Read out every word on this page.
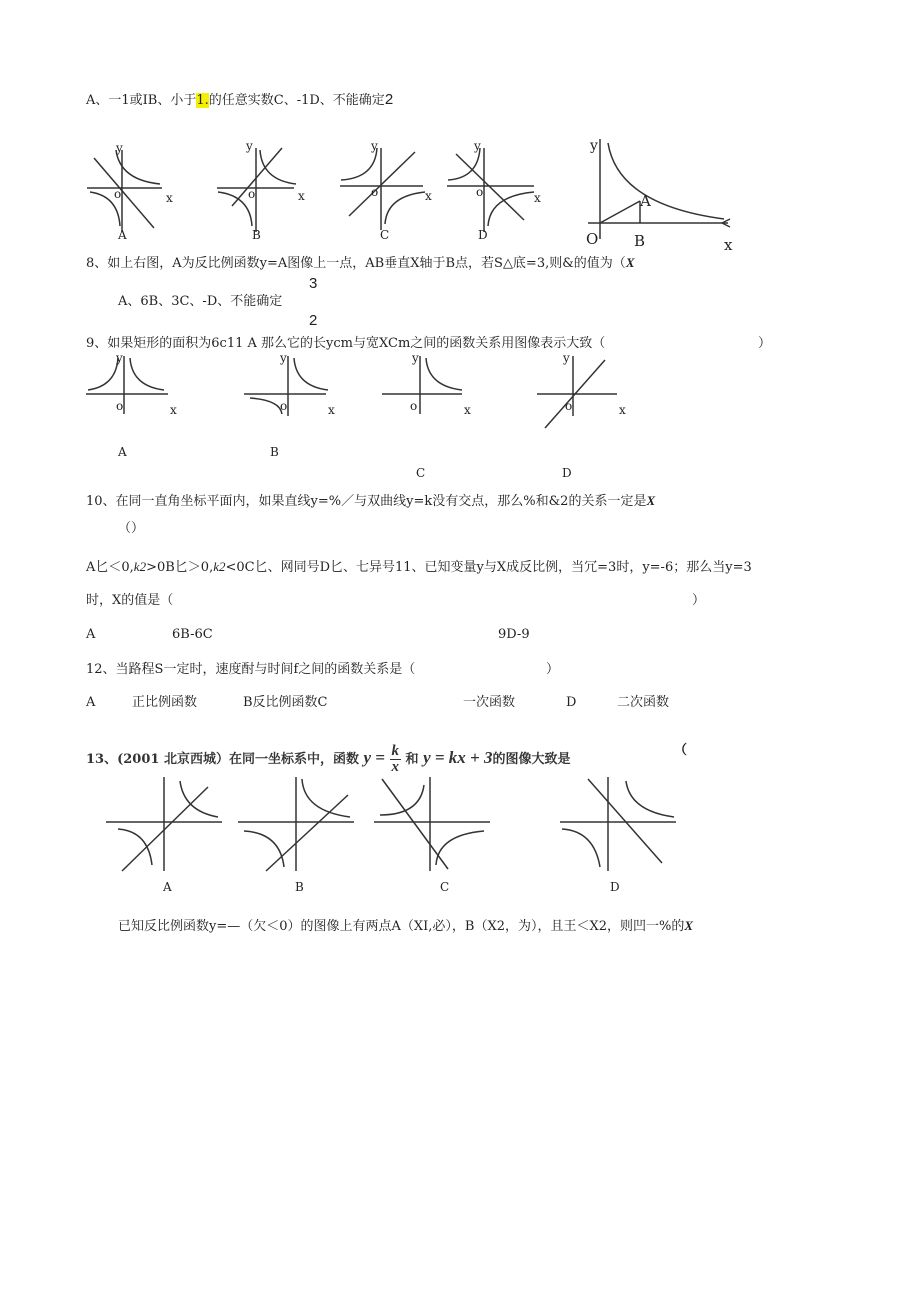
A、一1或IB、小于1.的任意实数C、-1D、不能确定2
y
o	x
A
y
o	x
B
y
o	x
C
y
o	x
D
y
O
A
B	x
8、如上右图，A为反比例函数y=A图像上一点，AB垂直X轴于B点，若S△底=3,则&的值为（X
3
A、6B、3C、-D、不能确定
2
9、如果矩形的面积为6c11 A 那么它的长ycm与宽XCm之间的函数关系用图像表示大致（	）
y
o	x
A
y
o	x
B
y
o	x
C
y
o	x
D
10、在同一直角坐标平面内，如果直线y=%／与双曲线y=k没有交点，那么%和&2的关系一定是X
（）
A匕＜0,k2>0B匕＞0,k2<0C匕、网同号D匕、七异号11、已知变量y与X成反比例，当冗=3时，y=-6；那么当y=3
时，X的值是（	）
A	6B-6C	9D-9
12、当路程S一定时，速度酎与时间f之间的函数关系是（	）
A	正比例函数	B反比例函数C	一次函数	D	二次函数
13、(2001 北京西城）在同一坐标系中，函数 $y = \frac{k}{x}$ 和 y = kx + 3的图像大致是
（
A	B	C	D
已知反比例函数y=—（欠＜0）的图像上有两点A（XI,必），B（X2，为），且王＜X2，则凹一%的X
